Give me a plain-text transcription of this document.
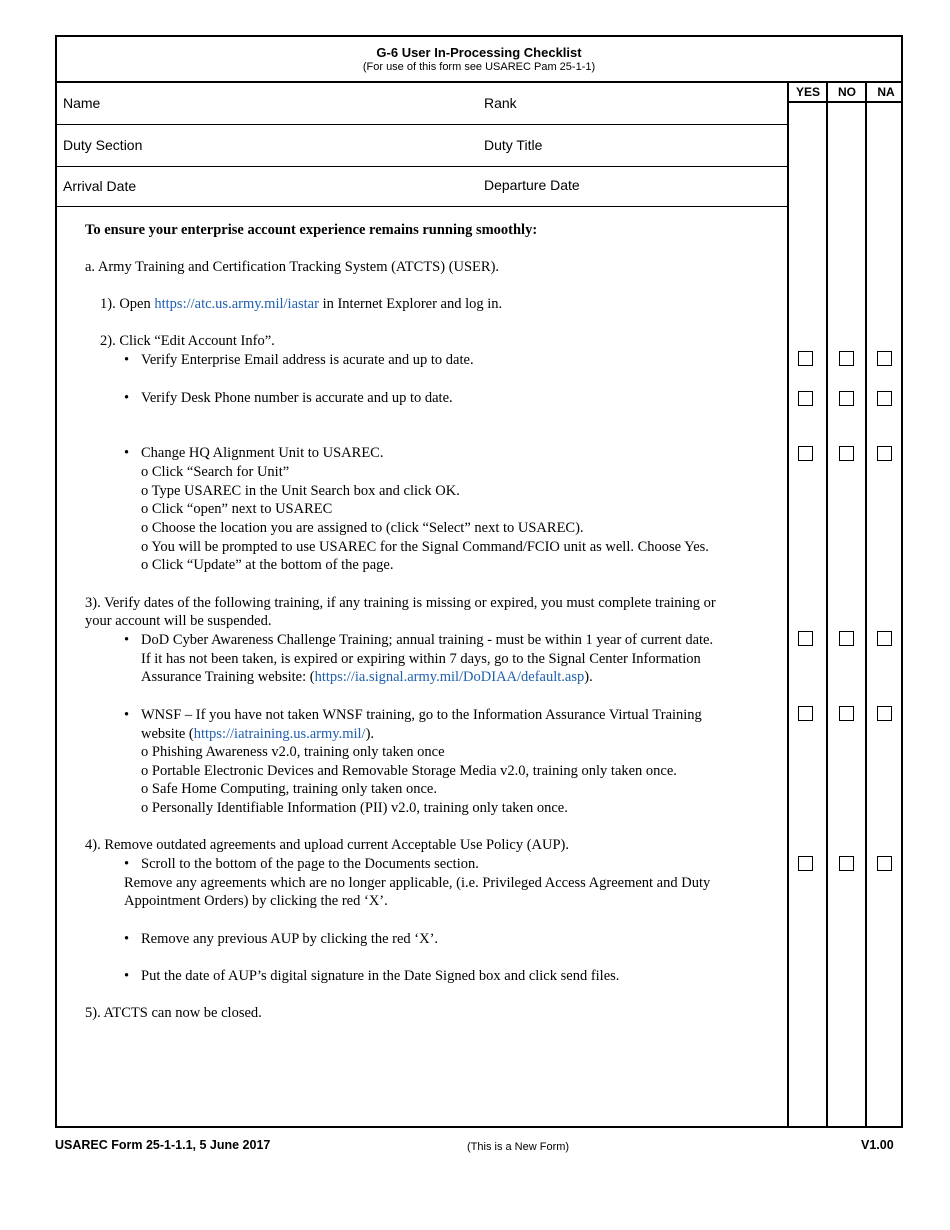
G-6 User In-Processing Checklist
(For use of this form see USAREC Pam 25-1-1)
YES	NO	NA
Name	Rank
Duty Section	Duty Title
Arrival Date	Departure Date
To ensure your enterprise account experience remains running smoothly:
a. Army Training and Certification Tracking System (ATCTS) (USER).
1). Open https://atc.us.army.mil/iastar in Internet Explorer and log in.
2). Click “Edit Account Info”.
• Verify Enterprise Email address is acurate and up to date.
• Verify Desk Phone number is accurate and up to date.
• Change HQ Alignment Unit to USAREC.
o Click “Search for Unit”
o Type USAREC in the Unit Search box and click OK.
o Click “open” next to USAREC
o Choose the location you are assigned to (click “Select” next to USAREC).
o You will be prompted to use USAREC for the Signal Command/FCIO unit as well. Choose Yes.
o Click “Update” at the bottom of the page.
3). Verify dates of the following training, if any training is missing or expired, you must complete training or
your account will be suspended.
• DoD Cyber Awareness Challenge Training; annual training - must be within 1 year of current date.
If it has not been taken, is expired or expiring within 7 days, go to the Signal Center Information
Assurance Training website: (https://ia.signal.army.mil/DoDIAA/default.asp).
• WNSF – If you have not taken WNSF training, go to the Information Assurance Virtual Training
website (https://iatraining.us.army.mil/).
o Phishing Awareness v2.0, training only taken once
o Portable Electronic Devices and Removable Storage Media v2.0, training only taken once.
o Safe Home Computing, training only taken once.
o Personally Identifiable Information (PII) v2.0, training only taken once.
4). Remove outdated agreements and upload current Acceptable Use Policy (AUP).
• Scroll to the bottom of the page to the Documents section.
Remove any agreements which are no longer applicable, (i.e. Privileged Access Agreement and Duty
Appointment Orders) by clicking the red ‘X’.
• Remove any previous AUP by clicking the red ‘X’.
• Put the date of AUP’s digital signature in the Date Signed box and click send files.
5). ATCTS can now be closed.
USAREC Form 25-1-1.1, 5 June 2017	(This is a New Form)	V1.00
